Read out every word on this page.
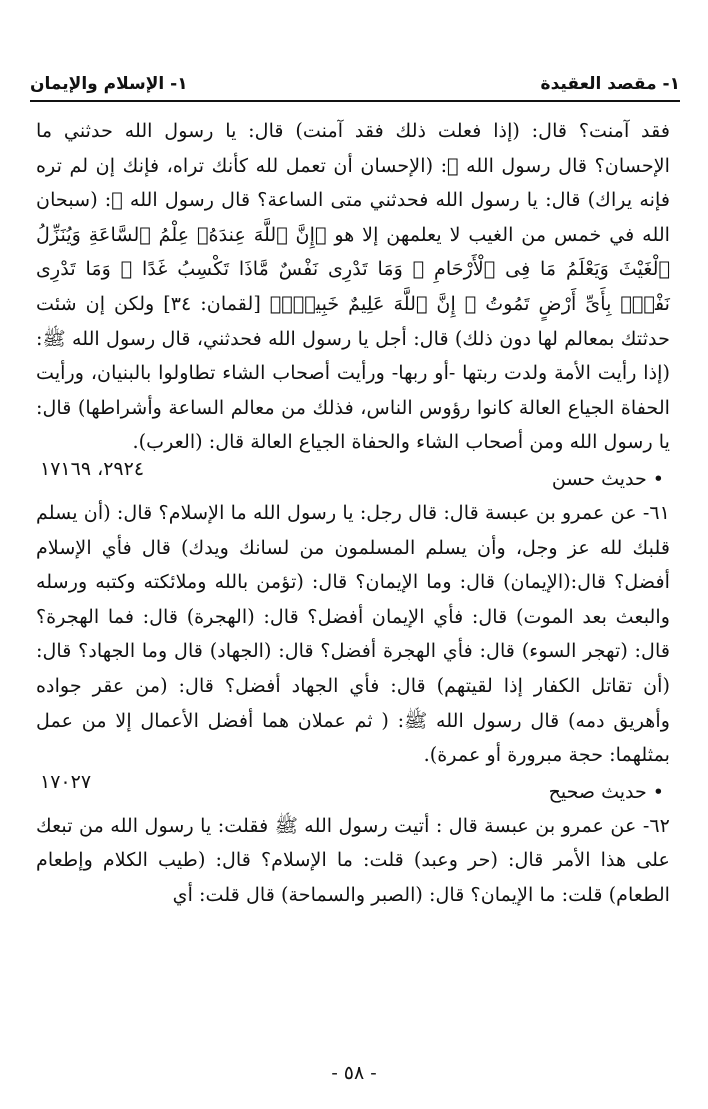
١- مقصد العقيدة
١- الإسلام والإيمان

فقد آمنت؟ قال: (إذا فعلت ذلك فقد آمنت) قال: يا رسول الله حدثني ما الإحسان؟ قال رسول الله ﷺ: (الإحسان أن تعمل لله كأنك تراه، فإنك إن لم تره فإنه يراك) قال: يا رسول الله فحدثني متى الساعة؟ قال رسول الله ﷺ: (سبحان الله في خمس من الغيب لا يعلمهن إلا هو ﴿إِنَّ ٱللَّهَ عِندَهُۥ عِلْمُ ٱلسَّاعَةِ وَيُنَزِّلُ ٱلْغَيْثَ وَيَعْلَمُ مَا فِى ٱلْأَرْحَامِ ۖ وَمَا تَدْرِى نَفْسٌ مَّاذَا تَكْسِبُ غَدًا ۖ وَمَا تَدْرِى نَفْسٌۢ بِأَىِّ أَرْضٍ تَمُوتُ ۚ إِنَّ ٱللَّهَ عَلِيمٌ خَبِيرٌۢ﴾ [لقمان: ٣٤] ولكن إن شئت حدثتك بمعالم لها دون ذلك) قال: أجل يا رسول الله فحدثني، قال رسول الله ﷺ: (إذا رأيت الأمة ولدت ربتها -أو ربها- ورأيت أصحاب الشاء تطاولوا بالبنيان، ورأيت الحفاة الجياع العالة كانوا رؤوس الناس، فذلك من معالم الساعة وأشراطها) قال: يا رسول الله ومن أصحاب الشاء والحفاة الجياع العالة قال: (العرب).

• حديث حسن
٢٩٢٤، ١٧١٦٩

٦١- عن عمرو بن عبسة قال: قال رجل: يا رسول الله ما الإسلام؟ قال: (أن يسلم قلبك لله عز وجل، وأن يسلم المسلمون من لسانك ويدك) قال فأي الإسلام أفضل؟ قال:(الإيمان) قال: وما الإيمان؟ قال: (تؤمن بالله وملائكته وكتبه ورسله والبعث بعد الموت) قال: فأي الإيمان أفضل؟ قال: (الهجرة) قال: فما الهجرة؟ قال: (تهجر السوء) قال: فأي الهجرة أفضل؟ قال: (الجهاد) قال وما الجهاد؟ قال: (أن تقاتل الكفار إذا لقيتهم) قال: فأي الجهاد أفضل؟ قال: (من عقر جواده وأهريق دمه) قال رسول الله ﷺ: ( ثم عملان هما أفضل الأعمال إلا من عمل بمثلهما: حجة مبرورة أو عمرة).

• حديث صحيح
١٧٠٢٧

٦٢- عن عمرو بن عبسة قال : أتيت رسول الله ﷺ فقلت: يا رسول الله من تبعك على هذا الأمر قال: (حر وعبد) قلت: ما الإسلام؟ قال: (طيب الكلام وإطعام الطعام) قلت: ما الإيمان؟ قال: (الصبر والسماحة) قال قلت: أي

- ٥٨ -
